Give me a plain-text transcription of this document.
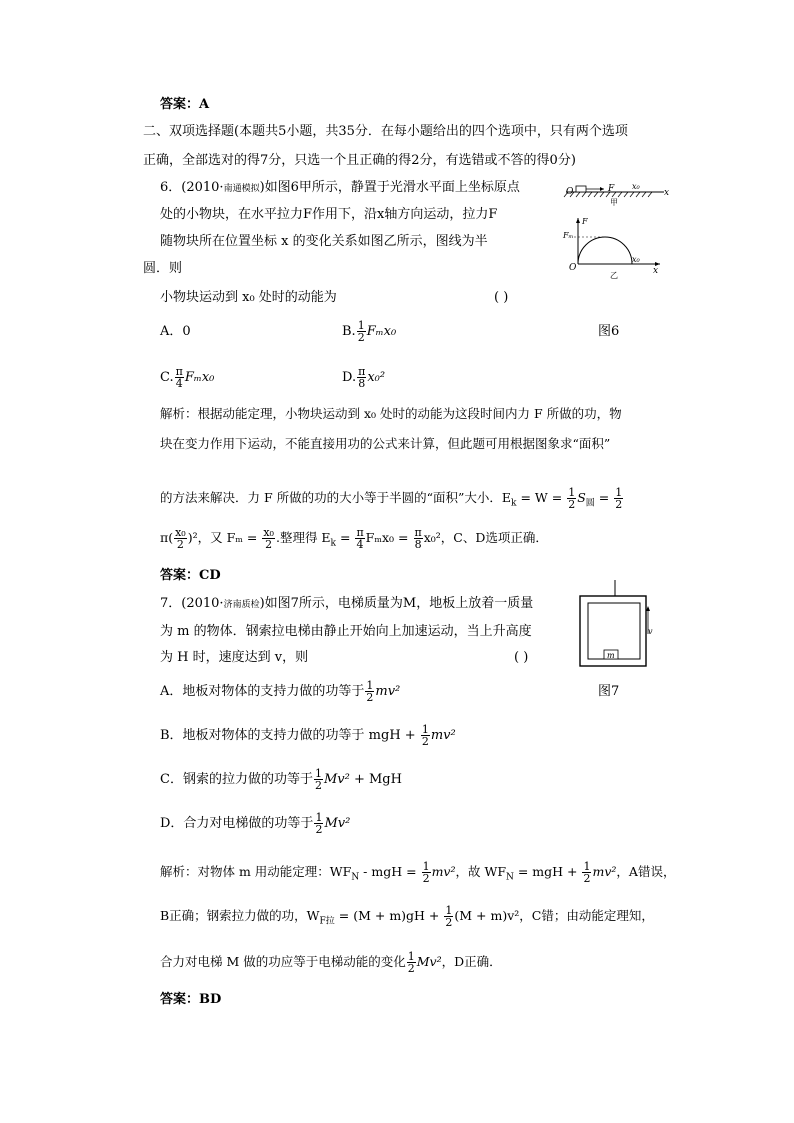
答案：A
二、双项选择题(本题共5小题，共35分．在每小题给出的四个选项中，只有两个选项
正确，全部选对的得7分，只选一个且正确的得2分，有选错或不答的得0分)
6．(2010·南通模拟)如图6甲所示，静置于光滑水平面上坐标原点
处的小物块，在水平拉力F作用下，沿x轴方向运动，拉力F
随物块所在位置坐标 x 的变化关系如图乙所示，图线为半
圆．则
小物块运动到 x₀ 处时的动能为	( )
O	F x₀
x
甲
F
Fₘ
O
x₀
x
乙
A．0	B. $\frac{1}{2} F_mx_0$	图6
C. $\frac{\pi}{4} F_mx_0$	D. $\frac{\pi}{8} x_0^2$
解析：根据动能定理，小物块运动到 x₀ 处时的动能为这段时间内力 F 所做的功，物
块在变力作用下运动，不能直接用功的公式来计算，但此题可用根据图象求“面积”
的方法来解决．力 F 所做的功的大小等于半圆的“面积”大小．$E_k = W = \frac{1}{2} S_圆 = \frac{1}{2}$
$\pi( \frac{\text{x₀}}{2} )^2$，又 $F_m = \frac{\text{x₀}}{2}$ .整理得 $E_k = \frac{\pi}{4} F_mx_0 = \frac{\pi}{8} x_0^2$，C、D选项正确．
答案：CD
7．(2010·济南质检)如图7所示，电梯质量为M，地板上放着一质量
为 m 的物体．钢索拉电梯由静止开始向上加速运动，当上升高度
为 H 时，速度达到 v，则	( )	m
v
A．地板对物体的支持力做的功等于 $\frac{1}{2} mv^2$	图7
B．地板对物体的支持力做的功等于 mgH + $\frac{1}{2} mv^2$
C．钢索的拉力做的功等于 $\frac{1}{2} Mv^2$ + MgH
D．合力对电梯做的功等于 $\frac{1}{2} Mv^2$
解析：对物体 m 用动能定理：$WF_N$ - mgH = $\frac{1}{2} mv^2$，故 $WF_N$ = mgH + $\frac{1}{2} mv^2$，A错误，
B正确；钢索拉力做的功，$W_{F拉} = (M + m)gH + \frac{1}{2} (M + m)v^2$，C错；由动能定理知，
合力对电梯 M 做的功应等于电梯动能的变化 $\frac{1}{2} Mv^2$，D正确．
答案：BD
